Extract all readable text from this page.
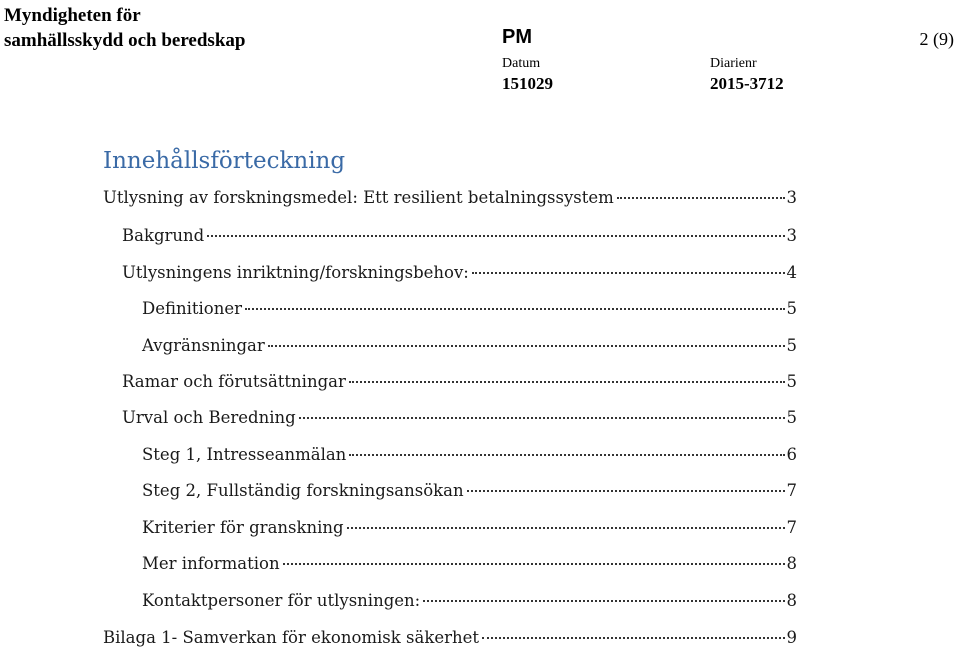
Myndigheten för
samhällsskydd och beredskap	PM	2 (9)
Datum
151029
Diarienr
2015-3712
Innehållsförteckning
Utlysning av forskningsmedel: Ett resilient betalningssystem	3
Bakgrund	3
Utlysningens inriktning/forskningsbehov:	4
Definitioner	5
Avgränsningar	5
Ramar och förutsättningar	5
Urval och Beredning	5
Steg 1, Intresseanmälan	6
Steg 2, Fullständig forskningsansökan	7
Kriterier för granskning	7
Mer information	8
Kontaktpersoner för utlysningen:	8
Bilaga 1- Samverkan för ekonomisk säkerhet	9
